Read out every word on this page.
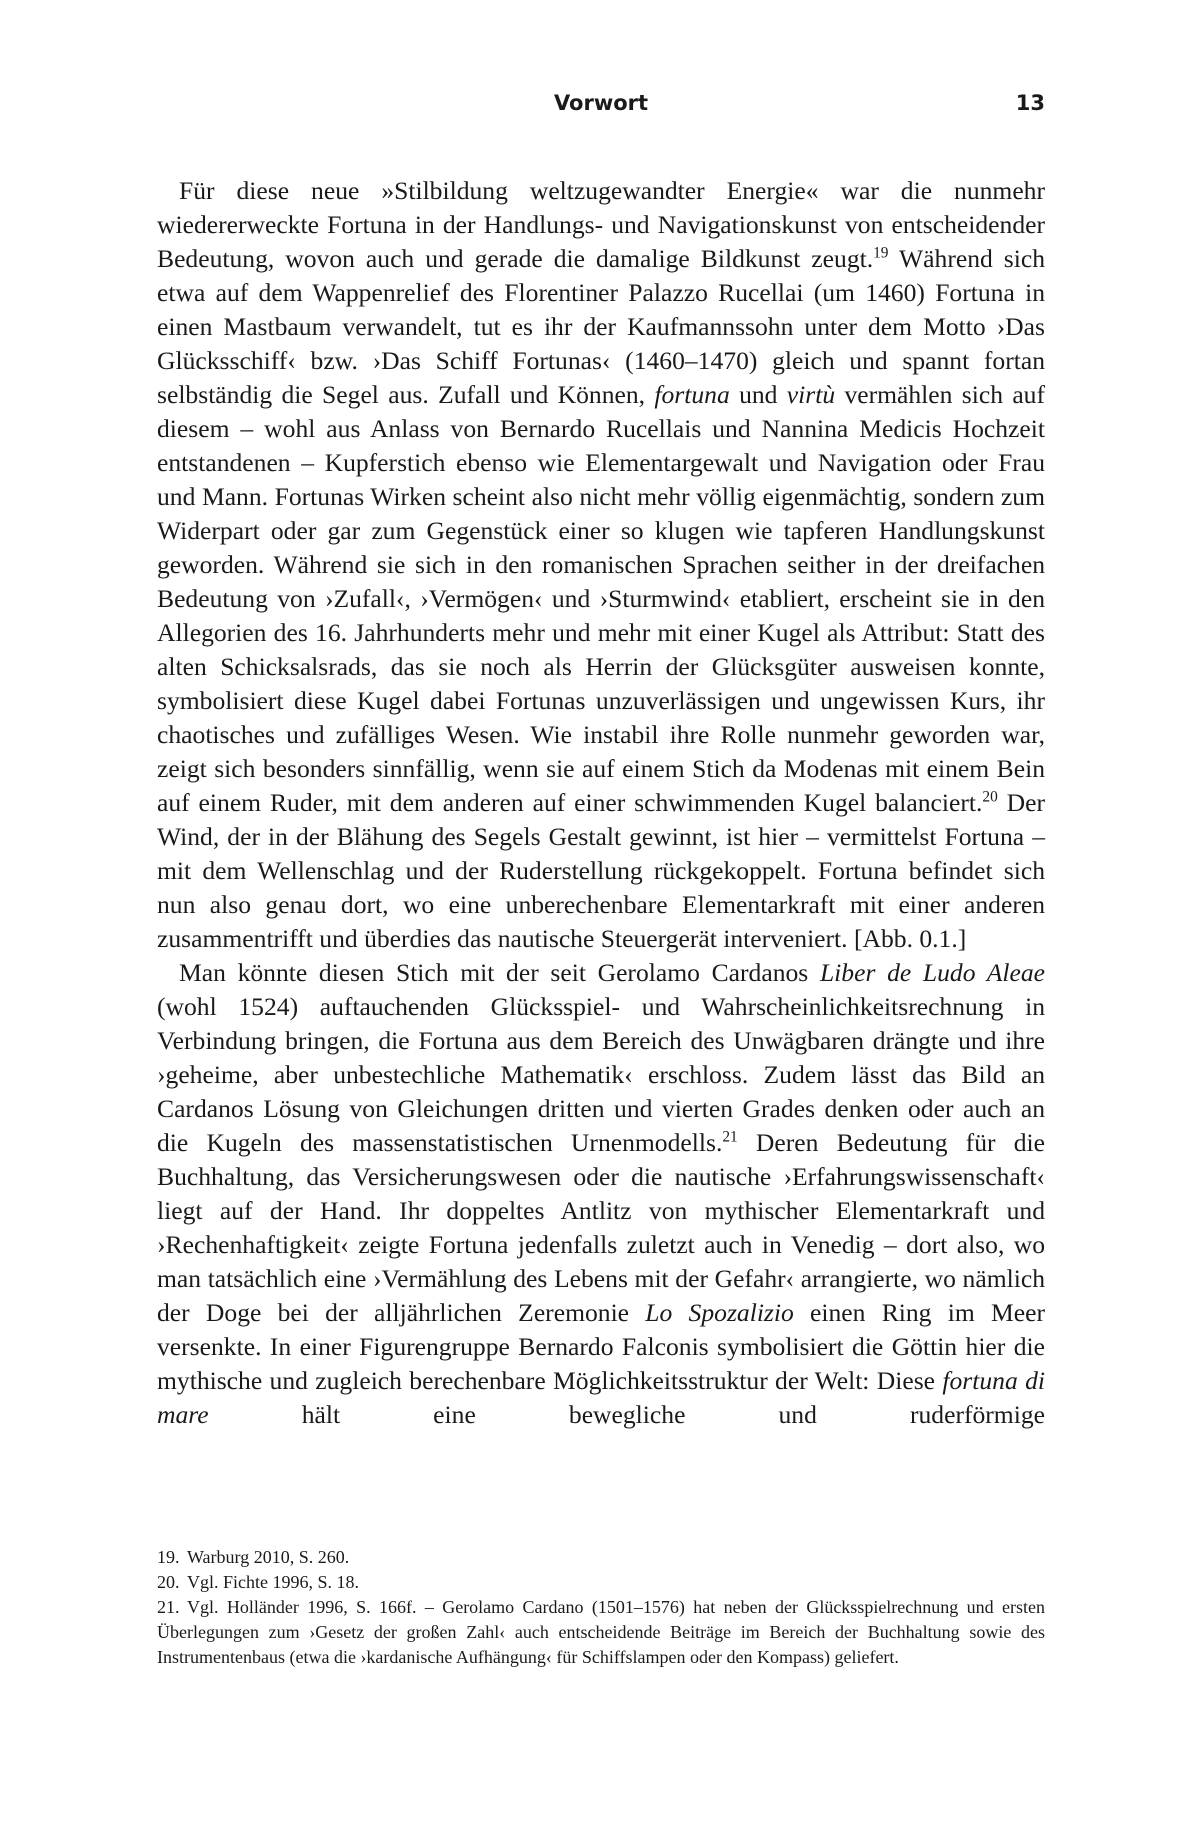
Vorwort	13

Für diese neue »Stilbildung weltzugewandter Energie« war die nunmehr wiedererweckte Fortuna in der Handlungs- und Navigationskunst von entscheidender Bedeutung, wovon auch und gerade die damalige Bildkunst zeugt.$^{19}$ Während sich etwa auf dem Wappenrelief des Florentiner Palazzo Rucellai (um 1460) Fortuna in einen Mastbaum verwandelt, tut es ihr der Kaufmannssohn unter dem Motto ›Das Glücksschiff‹ bzw. ›Das Schiff Fortunas‹ (1460–1470) gleich und spannt fortan selbständig die Segel aus. Zufall und Können, fortuna und virtù vermählen sich auf diesem – wohl aus Anlass von Bernardo Rucellais und Nannina Medicis Hochzeit entstandenen – Kupferstich ebenso wie Elementargewalt und Navigation oder Frau und Mann. Fortunas Wirken scheint also nicht mehr völlig eigenmächtig, sondern zum Widerpart oder gar zum Gegenstück einer so klugen wie tapferen Handlungskunst geworden. Während sie sich in den romanischen Sprachen seither in der dreifachen Bedeutung von ›Zufall‹, ›Vermögen‹ und ›Sturmwind‹ etabliert, erscheint sie in den Allegorien des 16. Jahrhunderts mehr und mehr mit einer Kugel als Attribut: Statt des alten Schicksalsrads, das sie noch als Herrin der Glücksgüter ausweisen konnte, symbolisiert diese Kugel dabei Fortunas unzuverlässigen und ungewissen Kurs, ihr chaotisches und zufälliges Wesen. Wie instabil ihre Rolle nunmehr geworden war, zeigt sich besonders sinnfällig, wenn sie auf einem Stich da Modenas mit einem Bein auf einem Ruder, mit dem anderen auf einer schwimmenden Kugel balanciert.$^{20}$ Der Wind, der in der Blähung des Segels Gestalt gewinnt, ist hier – vermittelst Fortuna – mit dem Wellenschlag und der Ruderstellung rückgekoppelt. Fortuna befindet sich nun also genau dort, wo eine unberechenbare Elementarkraft mit einer anderen zusammentrifft und überdies das nautische Steuergerät interveniert. [Abb. 0.1.]

Man könnte diesen Stich mit der seit Gerolamo Cardanos Liber de Ludo Aleae (wohl 1524) auftauchenden Glücksspiel- und Wahrscheinlichkeitsrechnung in Verbindung bringen, die Fortuna aus dem Bereich des Unwägbaren drängte und ihre ›geheime, aber unbestechliche Mathematik‹ erschloss. Zudem lässt das Bild an Cardanos Lösung von Gleichungen dritten und vierten Grades denken oder auch an die Kugeln des massenstatistischen Urnenmodells.$^{21}$ Deren Bedeutung für die Buchhaltung, das Versicherungswesen oder die nautische ›Erfahrungswissenschaft‹ liegt auf der Hand. Ihr doppeltes Antlitz von mythischer Elementarkraft und ›Rechenhaftigkeit‹ zeigte Fortuna jedenfalls zuletzt auch in Venedig – dort also, wo man tatsächlich eine ›Vermählung des Lebens mit der Gefahr‹ arrangierte, wo nämlich der Doge bei der alljährlichen Zeremonie Lo Spozalizio einen Ring im Meer versenkte. In einer Figurengruppe Bernardo Falconis symbolisiert die Göttin hier die mythische und zugleich berechenbare Möglichkeitsstruktur der Welt: Diese fortuna di mare hält eine bewegliche und ruderförmige

19. Warburg 2010, S. 260.

20. Vgl. Fichte 1996, S. 18.

21. Vgl. Holländer 1996, S. 166f. – Gerolamo Cardano (1501–1576) hat neben der Glücksspielrechnung und ersten Überlegungen zum ›Gesetz der großen Zahl‹ auch entscheidende Beiträge im Bereich der Buchhaltung sowie des Instrumentenbaus (etwa die ›kardanische Aufhängung‹ für Schiffslampen oder den Kompass) geliefert.
